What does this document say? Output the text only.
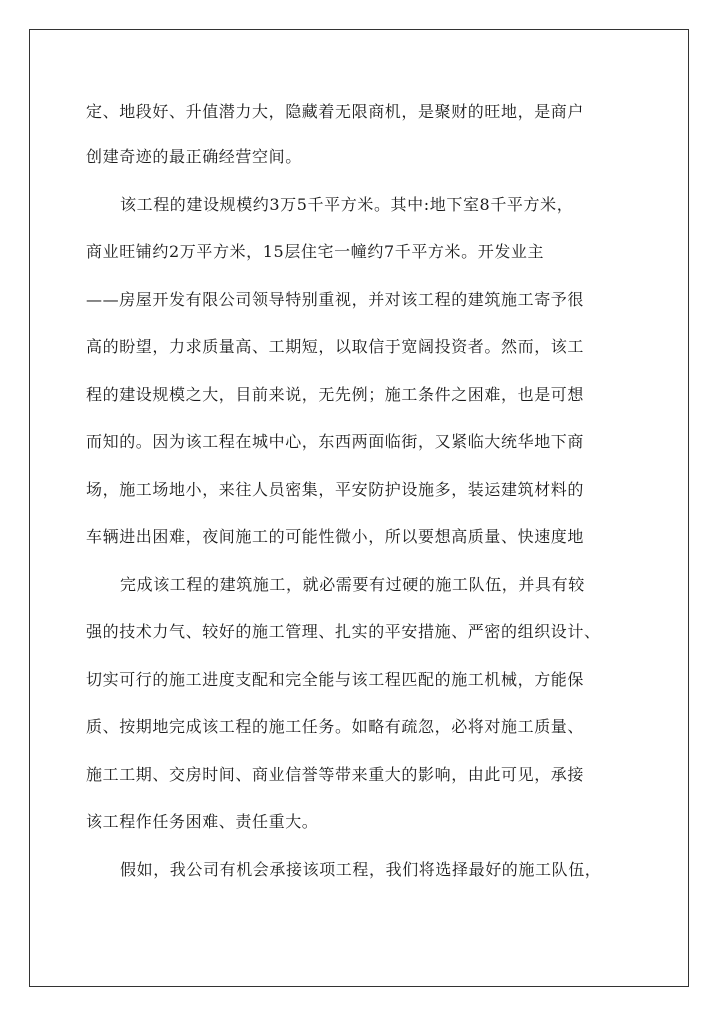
定、地段好、升值潜力大，隐藏着无限商机，是聚财的旺地，是商户
创建奇迹的最正确经营空间。
该工程的建设规模约3万5千平方米。其中:地下室8千平方米，
商业旺铺约2万平方米，15层住宅一幢约7千平方米。开发业主
——房屋开发有限公司领导特别重视，并对该工程的建筑施工寄予很
高的盼望，力求质量高、工期短，以取信于宽阔投资者。然而，该工
程的建设规模之大，目前来说，无先例；施工条件之困难，也是可想
而知的。因为该工程在城中心，东西两面临街，又紧临大统华地下商
场，施工场地小，来往人员密集，平安防护设施多，装运建筑材料的
车辆进出困难，夜间施工的可能性微小，所以要想高质量、快速度地
完成该工程的建筑施工，就必需要有过硬的施工队伍，并具有较
强的技术力气、较好的施工管理、扎实的平安措施、严密的组织设计、
切实可行的施工进度支配和完全能与该工程匹配的施工机械，方能保
质、按期地完成该工程的施工任务。如略有疏忽，必将对施工质量、
施工工期、交房时间、商业信誉等带来重大的影响，由此可见，承接
该工程作任务困难、责任重大。
假如，我公司有机会承接该项工程，我们将选择最好的施工队伍，
